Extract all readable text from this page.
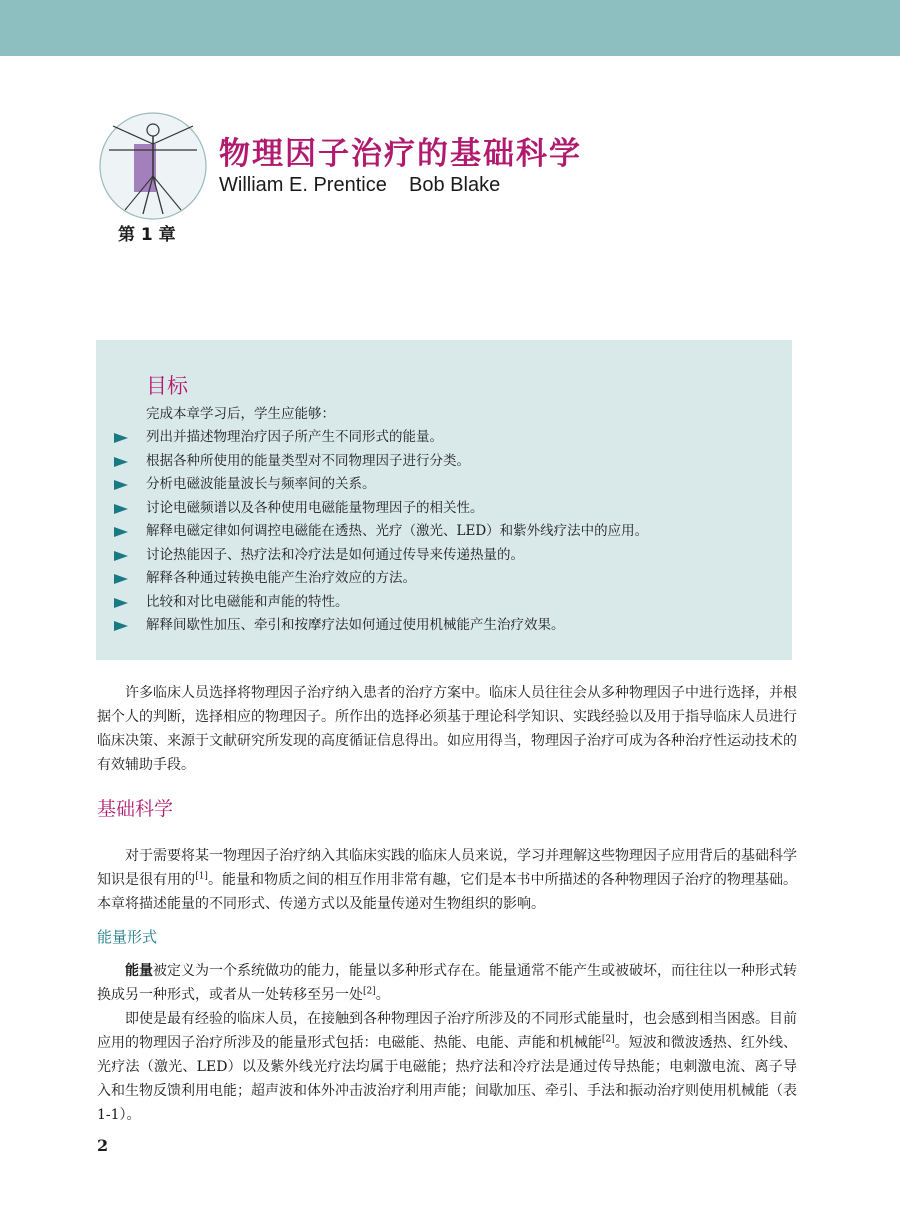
第 1 章
物理因子治疗的基础科学
William E. Prentice    Bob Blake
目标
完成本章学习后，学生应能够：
列出并描述物理治疗因子所产生不同形式的能量。
根据各种所使用的能量类型对不同物理因子进行分类。
分析电磁波能量波长与频率间的关系。
讨论电磁频谱以及各种使用电磁能量物理因子的相关性。
解释电磁定律如何调控电磁能在透热、光疗（激光、LED）和紫外线疗法中的应用。
讨论热能因子、热疗法和冷疗法是如何通过传导来传递热量的。
解释各种通过转换电能产生治疗效应的方法。
比较和对比电磁能和声能的特性。
解释间歇性加压、牵引和按摩疗法如何通过使用机械能产生治疗效果。

许多临床人员选择将物理因子治疗纳入患者的治疗方案中。临床人员往往会从多种物理因子中进行选择，并根据个人的判断，选择相应的物理因子。所作出的选择必须基于理论科学知识、实践经验以及用于指导临床人员进行临床决策、来源于文献研究所发现的高度循证信息得出。如应用得当，物理因子治疗可成为各种治疗性运动技术的有效辅助手段。

基础科学

对于需要将某一物理因子治疗纳入其临床实践的临床人员来说，学习并理解这些物理因子应用背后的基础科学知识是很有用的[1]。能量和物质之间的相互作用非常有趣，它们是本书中所描述的各种物理因子治疗的物理基础。本章将描述能量的不同形式、传递方式以及能量传递对生物组织的影响。

能量形式

能量被定义为一个系统做功的能力，能量以多种形式存在。能量通常不能产生或被破坏，而往往以一种形式转换成另一种形式，或者从一处转移至另一处[2]。

即使是最有经验的临床人员，在接触到各种物理因子治疗所涉及的不同形式能量时，也会感到相当困惑。目前应用的物理因子治疗所涉及的能量形式包括：电磁能、热能、电能、声能和机械能[2]。短波和微波透热、红外线、光疗法（激光、LED）以及紫外线光疗法均属于电磁能；热疗法和冷疗法是通过传导热能；电刺激电流、离子导入和生物反馈利用电能；超声波和体外冲击波治疗利用声能；间歇加压、牵引、手法和振动治疗则使用机械能（表 1-1）。

2
